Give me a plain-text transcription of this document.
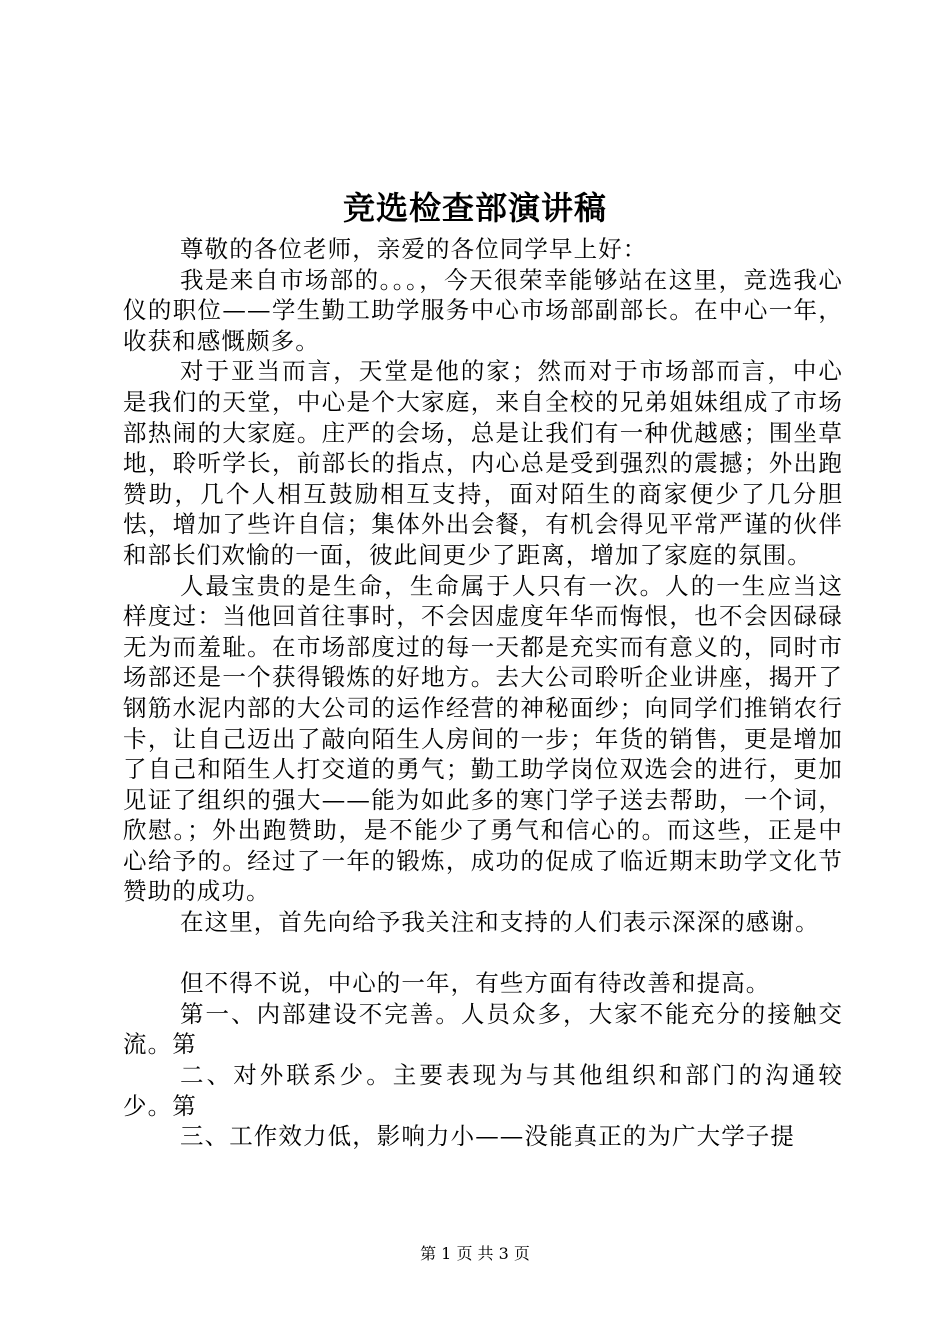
竞选检查部演讲稿

尊敬的各位老师，亲爱的各位同学早上好：

我是来自市场部的。。。，今天很荣幸能够站在这里，竞选我心仪的职位——学生勤工助学服务中心市场部副部长。在中心一年，收获和感慨颇多。

对于亚当而言，天堂是他的家；然而对于市场部而言，中心是我们的天堂，中心是个大家庭，来自全校的兄弟姐妹组成了市场部热闹的大家庭。庄严的会场，总是让我们有一种优越感；围坐草地，聆听学长，前部长的指点，内心总是受到强烈的震撼；外出跑赞助，几个人相互鼓励相互支持，面对陌生的商家便少了几分胆怯，增加了些许自信；集体外出会餐，有机会得见平常严谨的伙伴和部长们欢愉的一面，彼此间更少了距离，增加了家庭的氛围。

人最宝贵的是生命，生命属于人只有一次。人的一生应当这样度过：当他回首往事时，不会因虚度年华而悔恨，也不会因碌碌无为而羞耻。在市场部度过的每一天都是充实而有意义的，同时市场部还是一个获得锻炼的好地方。去大公司聆听企业讲座，揭开了钢筋水泥内部的大公司的运作经营的神秘面纱；向同学们推销农行卡，让自己迈出了敲向陌生人房间的一步；年货的销售，更是增加了自己和陌生人打交道的勇气；勤工助学岗位双选会的进行，更加见证了组织的强大——能为如此多的寒门学子送去帮助，一个词，欣慰。；外出跑赞助，是不能少了勇气和信心的。而这些，正是中心给予的。经过了一年的锻炼，成功的促成了临近期末助学文化节赞助的成功。

在这里，首先向给予我关注和支持的人们表示深深的感谢。

但不得不说，中心的一年，有些方面有待改善和提高。

第一、内部建设不完善。人员众多，大家不能充分的接触交流。第

二、对外联系少。主要表现为与其他组织和部门的沟通较少。第

三、工作效力低，影响力小——没能真正的为广大学子提

第 1 页 共 3 页
